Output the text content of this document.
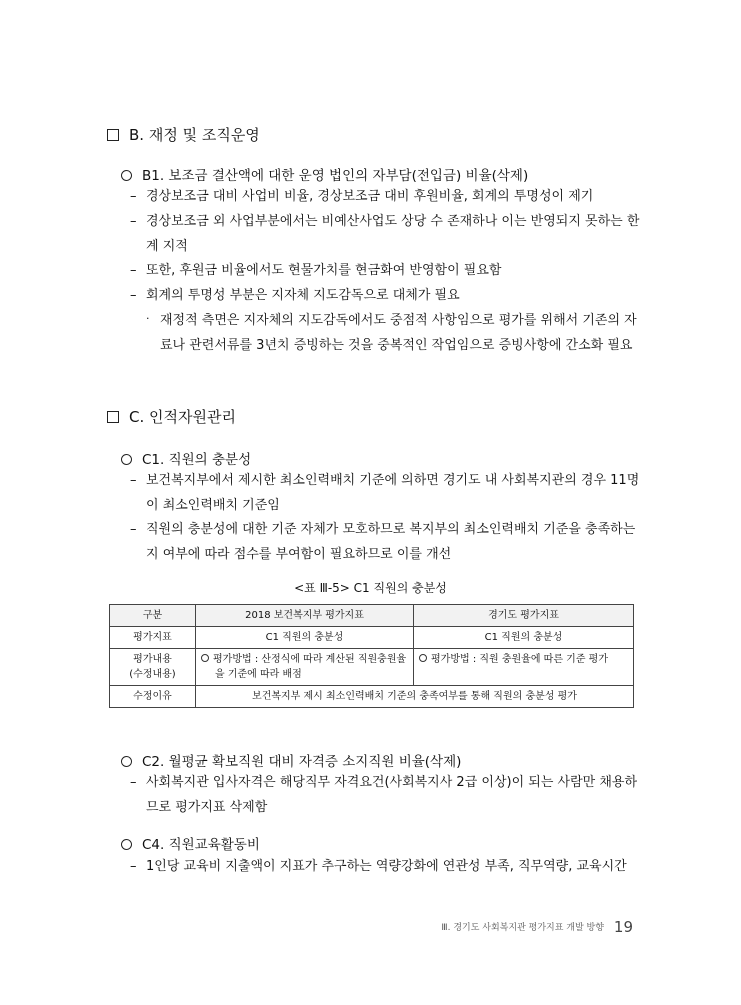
B. 재정 및 조직운영
B1. 보조금 결산액에 대한 운영 법인의 자부담(전입금) 비율(삭제)
– 경상보조금 대비 사업비 비율, 경상보조금 대비 후원비율, 회계의 투명성이 제기
– 경상보조금 외 사업부분에서는 비예산사업도 상당 수 존재하나 이는 반영되지 못하는 한계 지적
– 또한, 후원금 비율에서도 현물가치를 현금화여 반영함이 필요함
– 회계의 투명성 부분은 지자체 지도감독으로 대체가 필요
· 재정적 측면은 지자체의 지도감독에서도 중점적 사항임으로 평가를 위해서 기존의 자료나 관련서류를 3년치 증빙하는 것을 중복적인 작업임으로 증빙사항에 간소화 필요
C. 인적자원관리
C1. 직원의 충분성
– 보건복지부에서 제시한 최소인력배치 기준에 의하면 경기도 내 사회복지관의 경우 11명이 최소인력배치 기준임
– 직원의 충분성에 대한 기준 자체가 모호하므로 복지부의 최소인력배치 기준을 충족하는지 여부에 따라 점수를 부여함이 필요하므로 이를 개선
<표 Ⅲ-5> C1 직원의 충분성
구분	2018 보건복지부 평가지표	경기도 평가지표
평가지표	C1 직원의 충분성	C1 직원의 충분성
평가내용
(수정내용)	평가방법 : 산정식에 따라 계산된 직원충원율을 기준에 따라 배점	평가방법 : 직원 충원율에 따른 기준 평가

수정이유	보건복지부 제시 최소인력배치 기준의 충족여부를 통해 직원의 충분성 평가	
C2. 월평균 확보직원 대비 자격증 소지직원 비율(삭제)
– 사회복지관 입사자격은 해당직무 자격요건(사회복지사 2급 이상)이 되는 사람만 채용하므로 평가지표 삭제함
C4. 직원교육활동비
– 1인당 교육비 지출액이 지표가 추구하는 역량강화에 연관성 부족, 직무역량, 교육시간
Ⅲ. 경기도 사회복지관 평가지표 개발 방향 19
